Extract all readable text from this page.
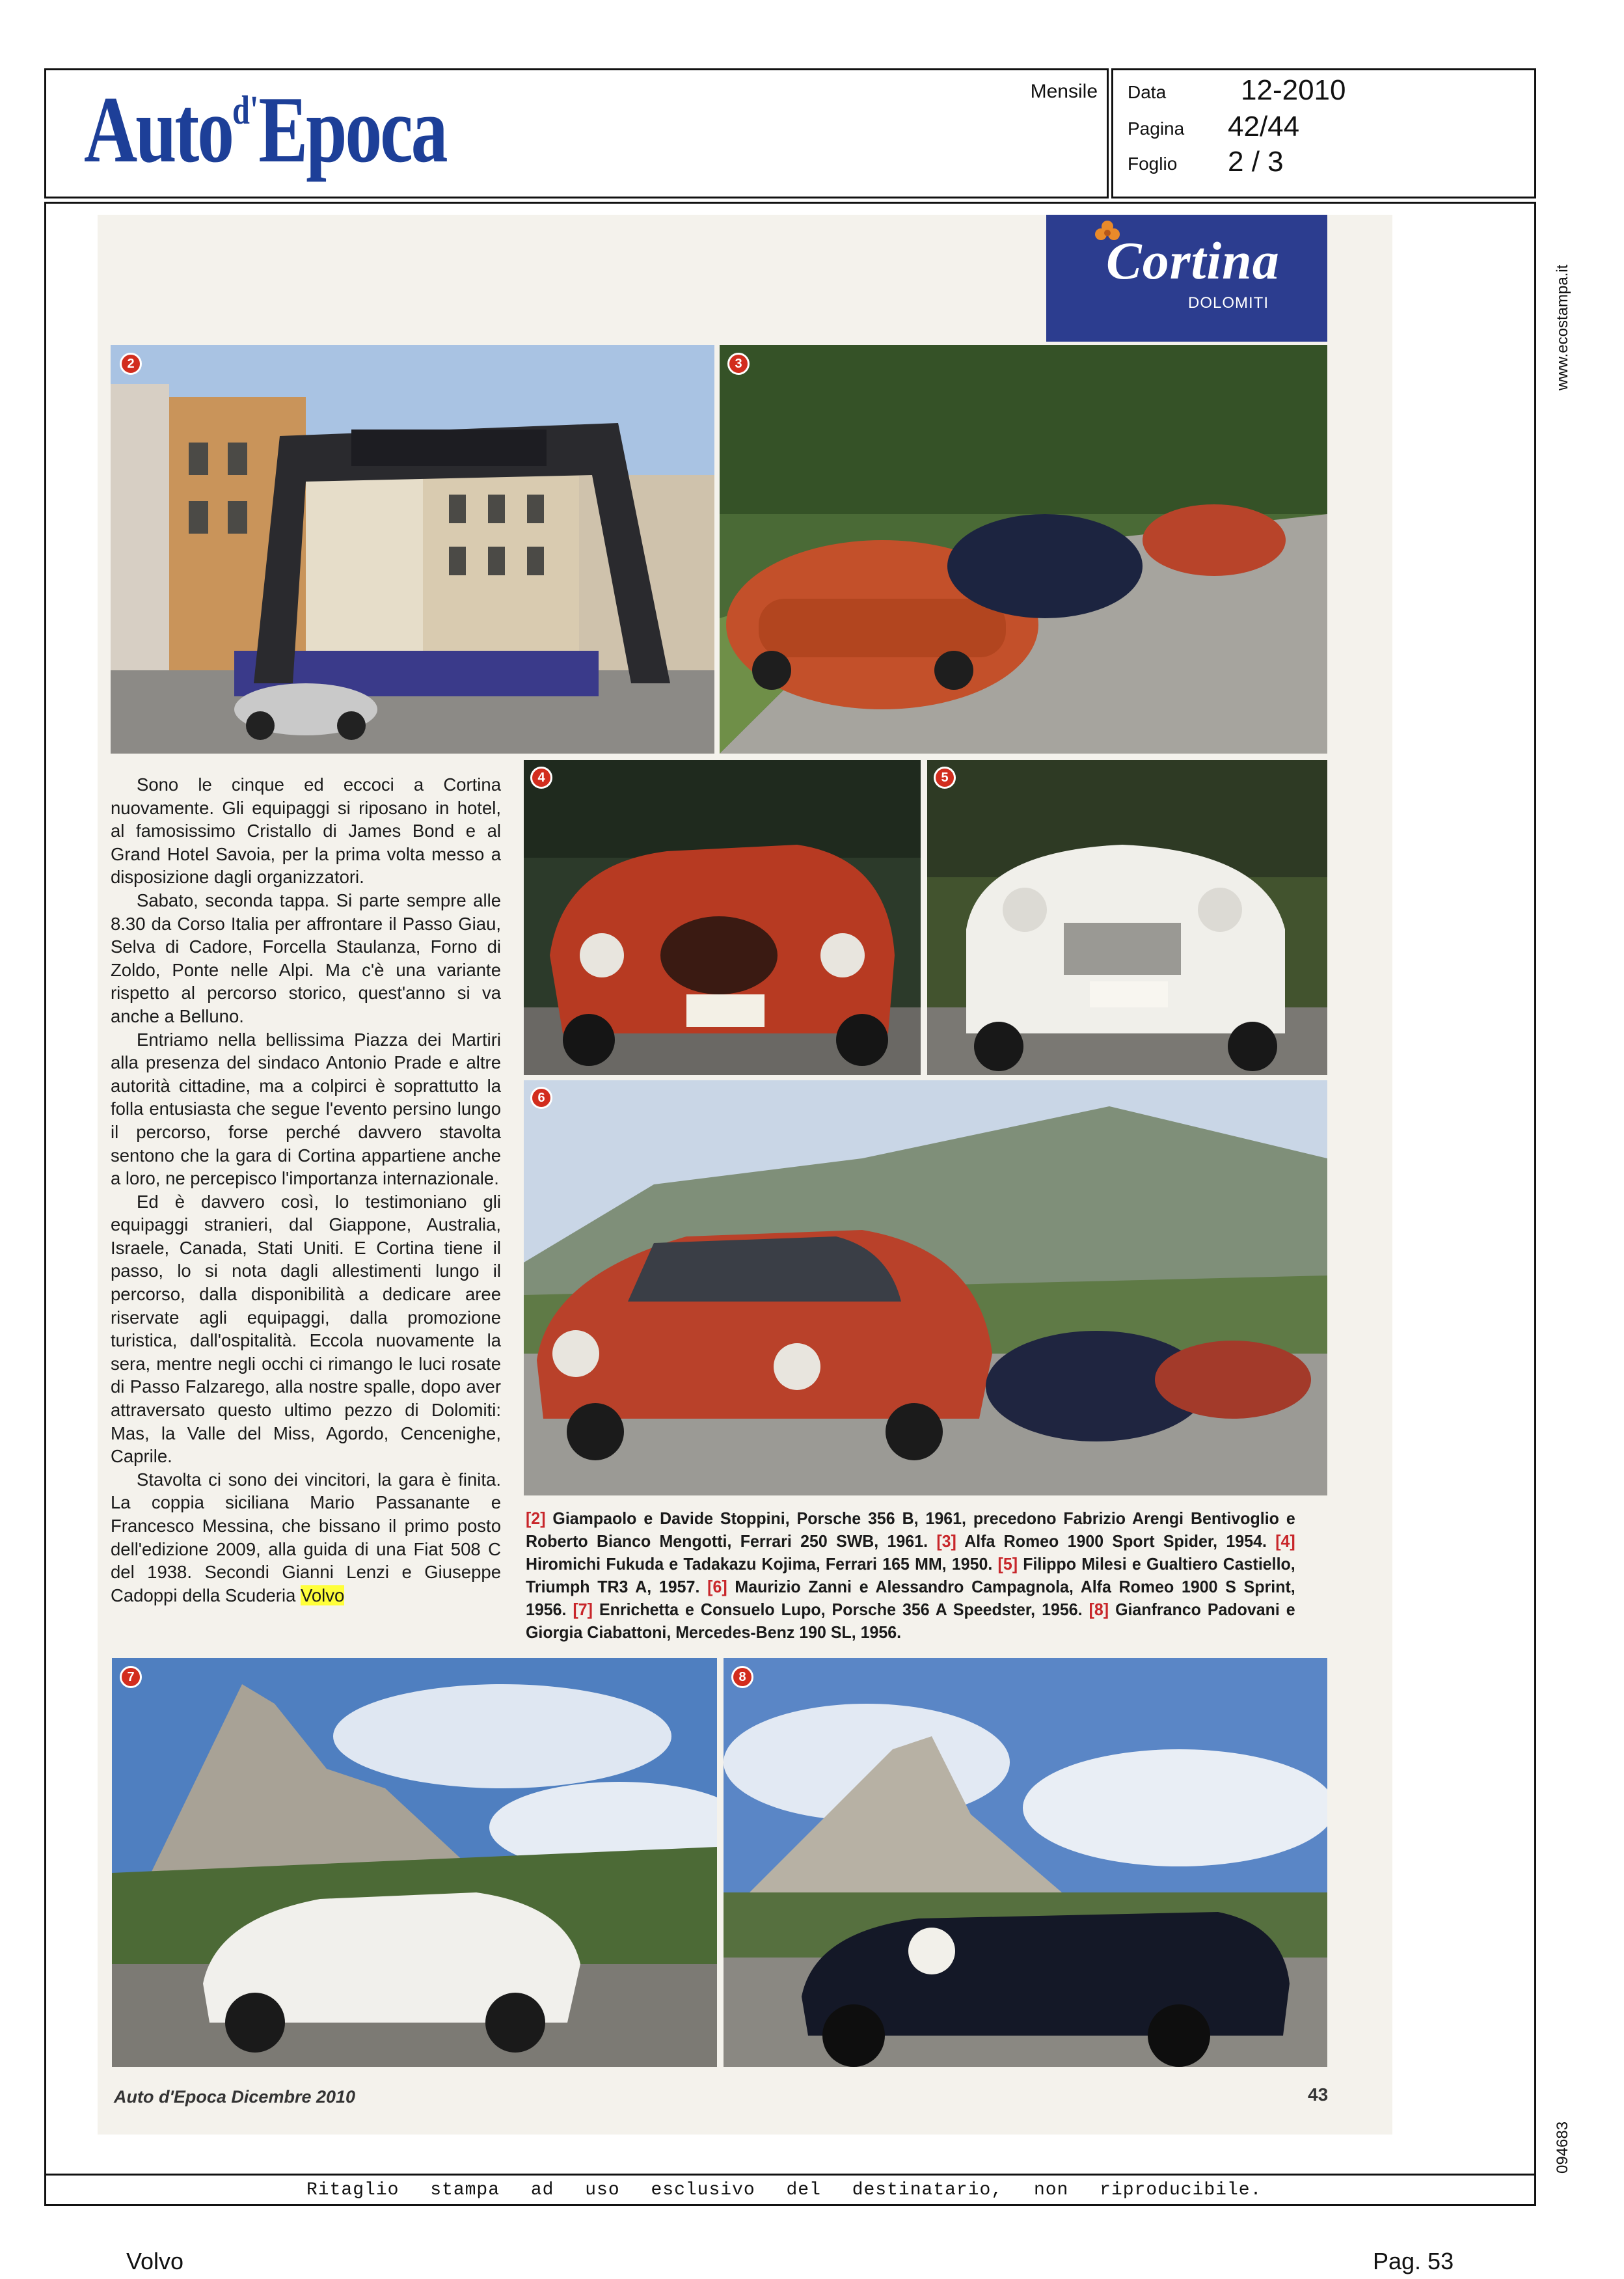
Auto$^{d'}$Epoca	Mensile Data	12-2010
Pagina 42/44
Foglio 2 / 3
www.ecostampa.it
094683
Cortina
DOLOMITI
2	3
4	5
6
7	8

Sono le cinque ed eccoci a Cortina nuovamente. Gli equipaggi si riposano in hotel, al famosissimo Cristallo di James Bond e al Grand Hotel Savoia, per la prima volta messo a disposizione dagli organizzatori.

Sabato, seconda tappa. Si parte sempre alle 8.30 da Corso Italia per affrontare il Passo Giau, Selva di Cadore, Forcella Staulanza, Forno di Zoldo, Ponte nelle Alpi. Ma c'è una variante rispetto al percorso storico, quest'anno si va anche a Belluno.

Entriamo nella bellissima Piazza dei Martiri alla presenza del sindaco Antonio Prade e altre autorità cittadine, ma a colpirci è soprattutto la folla entusiasta che segue l'evento persino lungo il percorso, forse perché davvero stavolta sentono che la gara di Cortina appartiene anche a loro, ne percepisco l'importanza internazionale.

Ed è davvero così, lo testimoniano gli equipaggi stranieri, dal Giappone, Australia, Israele, Canada, Stati Uniti. E Cortina tiene il passo, lo si nota dagli allestimenti lungo il percorso, dalla disponibilità a dedicare aree riservate agli equipaggi, dalla promozione turistica, dall'ospitalità. Eccola nuovamente la sera, mentre negli occhi ci rimango le luci rosate di Passo Falzarego, alla nostre spalle, dopo aver attraversato questo ultimo pezzo di Dolomiti: Mas, la Valle del Miss, Agordo, Cencenighe, Caprile.

Stavolta ci sono dei vincitori, la gara è finita. La coppia siciliana Mario Passanante e Francesco Messina, che bissano il primo posto dell'edizione 2009, alla guida di una Fiat 508 C del 1938. Secondi Gianni Lenzi e Giuseppe Cadoppi della Scuderia Volvo

[2] Giampaolo e Davide Stoppini, Porsche 356 B, 1961, precedono Fabrizio Arengi Bentivoglio e Roberto Bianco Mengotti, Ferrari 250 SWB, 1961. [3] Alfa Romeo 1900 Sport Spider, 1954. [4] Hiromichi Fukuda e Tadakazu Kojima, Ferrari 165 MM, 1950. [5] Filippo Milesi e Gualtiero Castiello, Triumph TR3 A, 1957. [6] Maurizio Zanni e Alessandro Campagnola, Alfa Romeo 1900 S Sprint, 1956. [7] Enrichetta e Consuelo Lupo, Porsche 356 A Speedster, 1956. [8] Gianfranco Padovani e Giorgia Ciabattoni, Mercedes-Benz 190 SL, 1956.
Auto d'Epoca Dicembre 2010	43
Ritaglio stampa ad uso esclusivo del destinatario, non riproducibile.
Volvo	Pag. 53
